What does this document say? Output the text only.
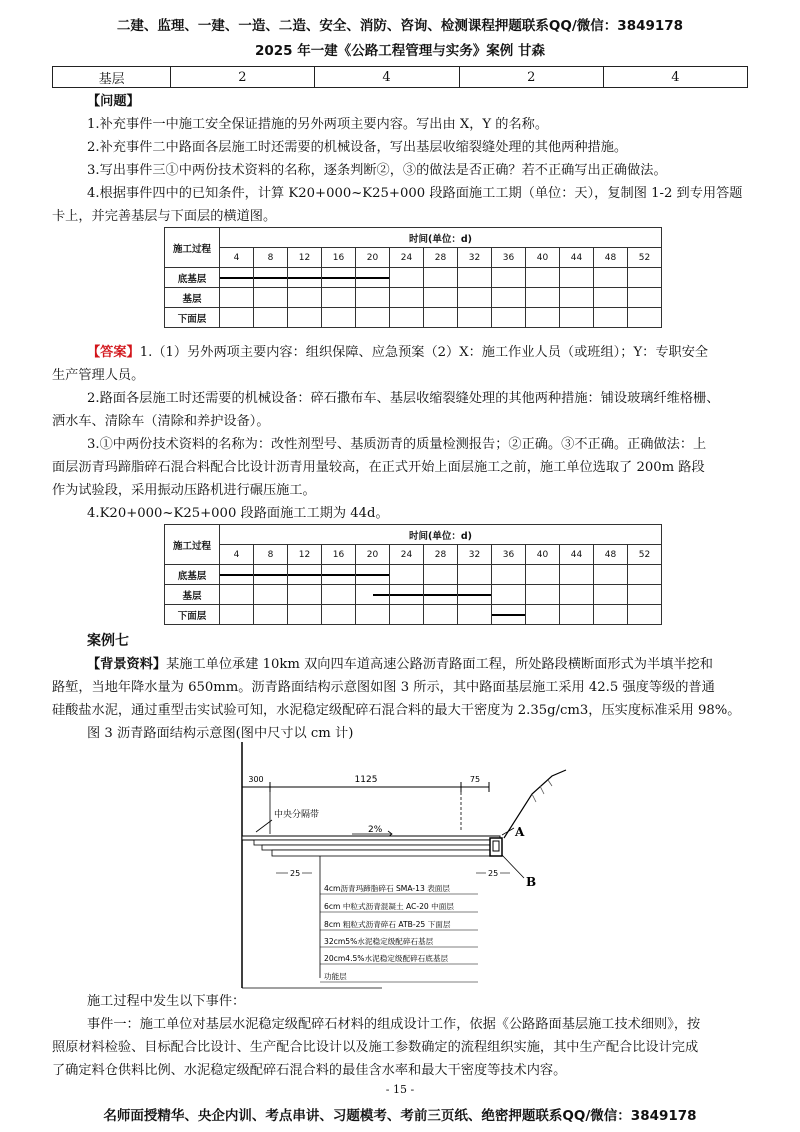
二建、监理、一建、一造、二造、安全、消防、咨询、检测课程押题联系QQ/微信：3849178
2025 年一建《公路工程管理与实务》案例 甘森
基层	2	4	2	4
【问题】
1.补充事件一中施工安全保证措施的另外两项主要内容。写出由 X，Y 的名称。
2.补充事件二中路面各层施工时还需要的机械设备，写出基层收缩裂缝处理的其他两种措施。
3.写出事件三①中两份技术资料的名称，逐条判断②，③的做法是否正确？若不正确写出正确做法。
4.根据事件四中的已知条件，计算 K20+000~K25+000 段路面施工工期（单位：天），复制图 1-2 到专用答题
卡上，并完善基层与下面层的横道图。
施工过程	时间(单位：d)												
	4	8	12	16	20	24	28	32	36	40	44	48	52
底基层	

基层													
下面层													
【答案】1.（1）另外两项主要内容：组织保障、应急预案（2）X：施工作业人员（或班组）；Y：专职安全
生产管理人员。
2.路面各层施工时还需要的机械设备：碎石撒布车、基层收缩裂缝处理的其他两种措施：铺设玻璃纤维格栅、
洒水车、清除车（清除和养护设备）。
3.①中两份技术资料的名称为：改性剂型号、基质沥青的质量检测报告；②正确。③不正确。正确做法：上
面层沥青玛蹄脂碎石混合料配合比设计沥青用量较高，在正式开始上面层施工之前，施工单位选取了 200m 路段
作为试验段，采用振动压路机进行碾压施工。
4.K20+000~K25+000 段路面施工工期为 44d。
施工过程	时间(单位：d)												
	4	8	12	16	20	24	28	32	36	40	44	48	52
底基层	

基层					

下面层									

案例七
【背景资料】某施工单位承建 10km 双向四车道高速公路沥青路面工程，所处路段横断面形式为半填半挖和
路堑，当地年降水量为 650mm。沥青路面结构示意图如图 3 所示，其中路面基层施工采用 42.5 强度等级的普通
硅酸盐水泥，通过重型击实试验可知，水泥稳定级配碎石混合料的最大干密度为 2.35g/cm3，压实度标准采用 98%。
图 3 沥青路面结构示意图(图中尺寸以 cm 计)
300	1125	75
中央分隔带
2%	A
B
25	25
4cm沥青玛蹄脂碎石 SMA-13 表面层
6cm 中粒式沥青混凝土 AC-20 中面层
8cm 粗粒式沥青碎石 ATB-25 下面层
32cm5%水泥稳定级配碎石基层
20cm4.5%水泥稳定级配碎石底基层
功能层
施工过程中发生以下事件：
事件一：施工单位对基层水泥稳定级配碎石材料的组成设计工作，依据《公路路面基层施工技术细则》，按
照原材料检验、目标配合比设计、生产配合比设计以及施工参数确定的流程组织实施，其中生产配合比设计完成
了确定料仓供料比例、水泥稳定级配碎石混合料的最佳含水率和最大干密度等技术内容。
- 15 -
名师面授精华、央企内训、考点串讲、习题模考、考前三页纸、绝密押题联系QQ/微信：3849178
